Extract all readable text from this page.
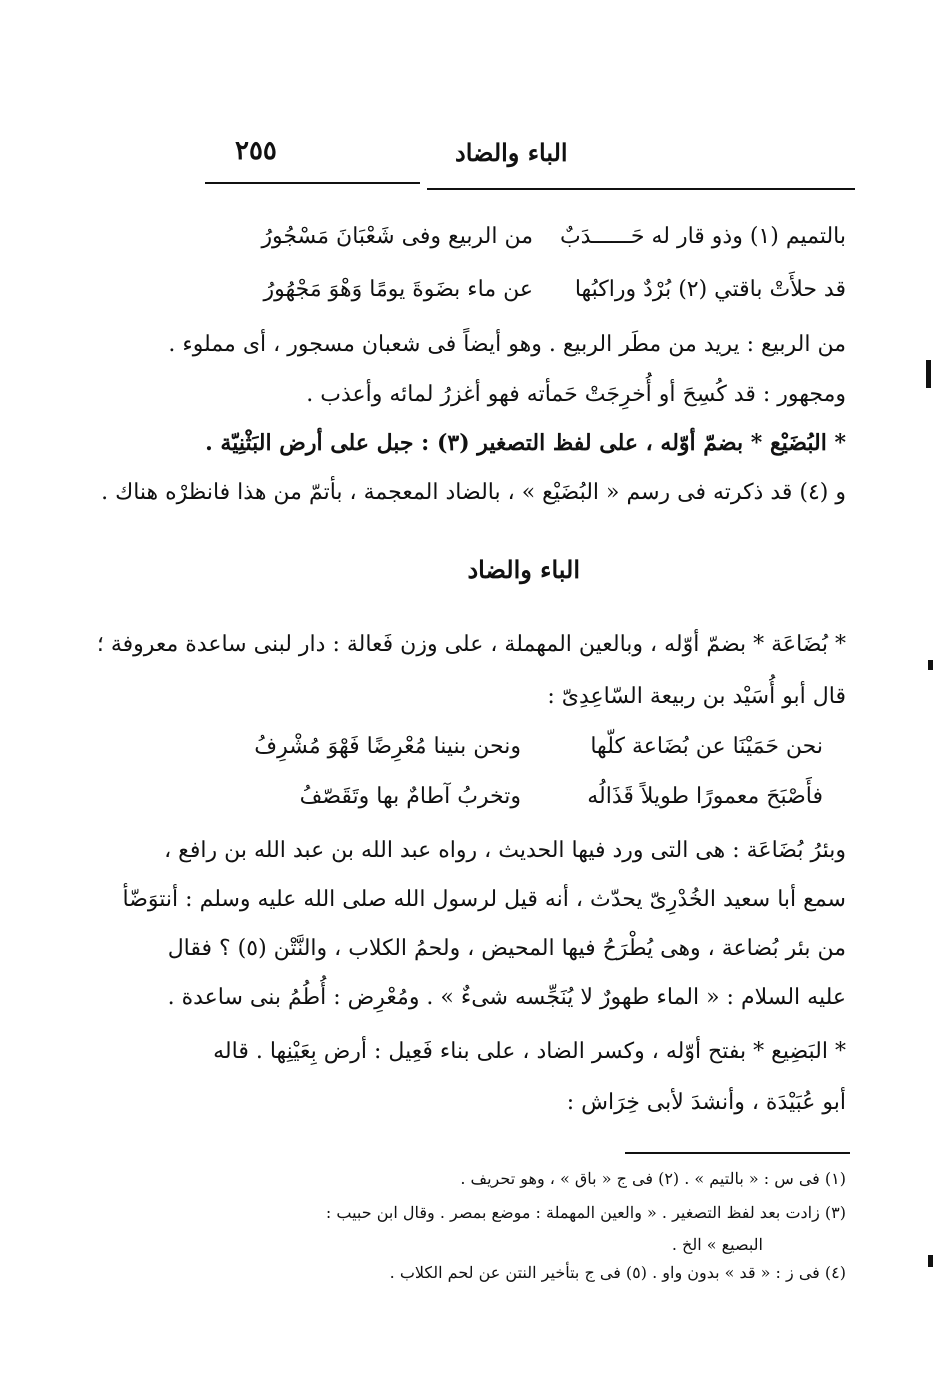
٢٥٥	الباء والضاد
بالتميم (١) وذو قار له حَــــــدَبٌ
من الربيع وفى شَعْبَانَ مَسْجُورُ
قد حلأَتْ باقتي (٢) بُرْدٌ وراكبُها
عن ماء بضَوةَ يومًا وَهْوَ مَجْهُورُ
من الربيع : يريد من مطَر الربيع . وهو أيضاً فى شعبان مسجور ، أى مملوء .
ومجهور : قد كُسِحَ أو أُخرِجَتْ حَمأته فهو أغزرُ لمائه وأعذب .
* البُضَيْع * بضمّ أوّله ، على لفظ التصغير (٣) : جبل على أرض البَثْنِيّة .
و (٤) قد ذكرته فى رسم « البُضَيْع » ، بالضاد المعجمة ، بأتمّ من هذا فانظرْه هناك .
الباء والضاد
* بُضَاعَة * بضمّ أوّله ، وبالعين المهملة ، على وزن فَعالة : دار لبنى ساعدة معروفة ؛
قال أبو أُسَيْد بن ربيعة السّاعِدِىّ :
نحن حَمَيْنَا عن بُضَاعة كلّها
ونحن بنينا مُعْرِضًا فَهْوَ مُشْرِفُ
فأَصْبَحَ معمورًا طويلاً قَذَالُه
وتخربُ آطامٌ بها وتَقَصّفُ
وبئرُ بُضَاعَة : هى التى ورد فيها الحديث ، رواه عبد الله بن عبد الله بن رافع ،
سمع أبا سعيد الخُدْرِىّ يحدّث ، أنه قيل لرسول الله صلى الله عليه وسلم : أنتوَضّأ
من بئر بُضاعة ، وهى يُطْرَحُ فيها المحيض ، ولحمُ الكلاب ، والنَّتْن (٥) ؟ فقال
عليه السلام : « الماء طهورٌ لا يُنَجِّسه شىءٌ » . ومُعْرِض : أُطُمُ بنى ساعدة .
* البَضِيع * بفتح أوّله ، وكسر الضاد ، على بناء فَعِيل : أرض بِعَيْنِها . قاله
أبو عُبَيْدَة ، وأنشدَ لأبى خِرَاش :
(١) فى س : « بالتيم » . (٢) فى ج « باق » ، وهو تحريف .
(٣) زادت بعد لفظ التصغير . « والعين المهملة : موضع بمصر . وقال ابن حبيب :
البصيع » الخ .
(٤) فى ز : « قد » بدون واو . (٥) فى ج بتأخير النتن عن لحم الكلاب .
